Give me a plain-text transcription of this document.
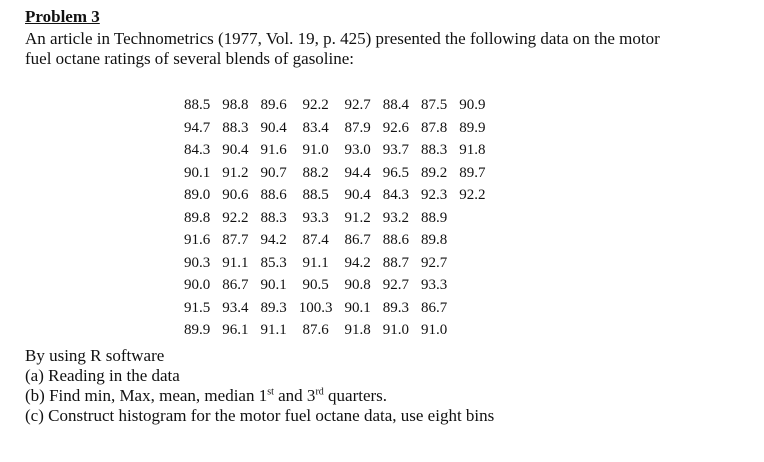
Problem 3

An article in Technometrics (1977, Vol. 19, p. 425) presented the following data on the motor

fuel octane ratings of several blends of gasoline:

88.5	98.8	89.6	92.2	92.7	88.4	87.5	90.9
94.7	88.3	90.4	83.4	87.9	92.6	87.8	89.9
84.3	90.4	91.6	91.0	93.0	93.7	88.3	91.8
90.1	91.2	90.7	88.2	94.4	96.5	89.2	89.7
89.0	90.6	88.6	88.5	90.4	84.3	92.3	92.2
89.8	92.2	88.3	93.3	91.2	93.2	88.9	
91.6	87.7	94.2	87.4	86.7	88.6	89.8	
90.3	91.1	85.3	91.1	94.2	88.7	92.7	
90.0	86.7	90.1	90.5	90.8	92.7	93.3	
91.5	93.4	89.3	100.3	90.1	89.3	86.7	
89.9	96.1	91.1	87.6	91.8	91.0	91.0	

By using R software

(a) Reading in the data

(b) Find min, Max, mean, median 1st and 3rd quarters.

(c) Construct histogram for the motor fuel octane data, use eight bins
